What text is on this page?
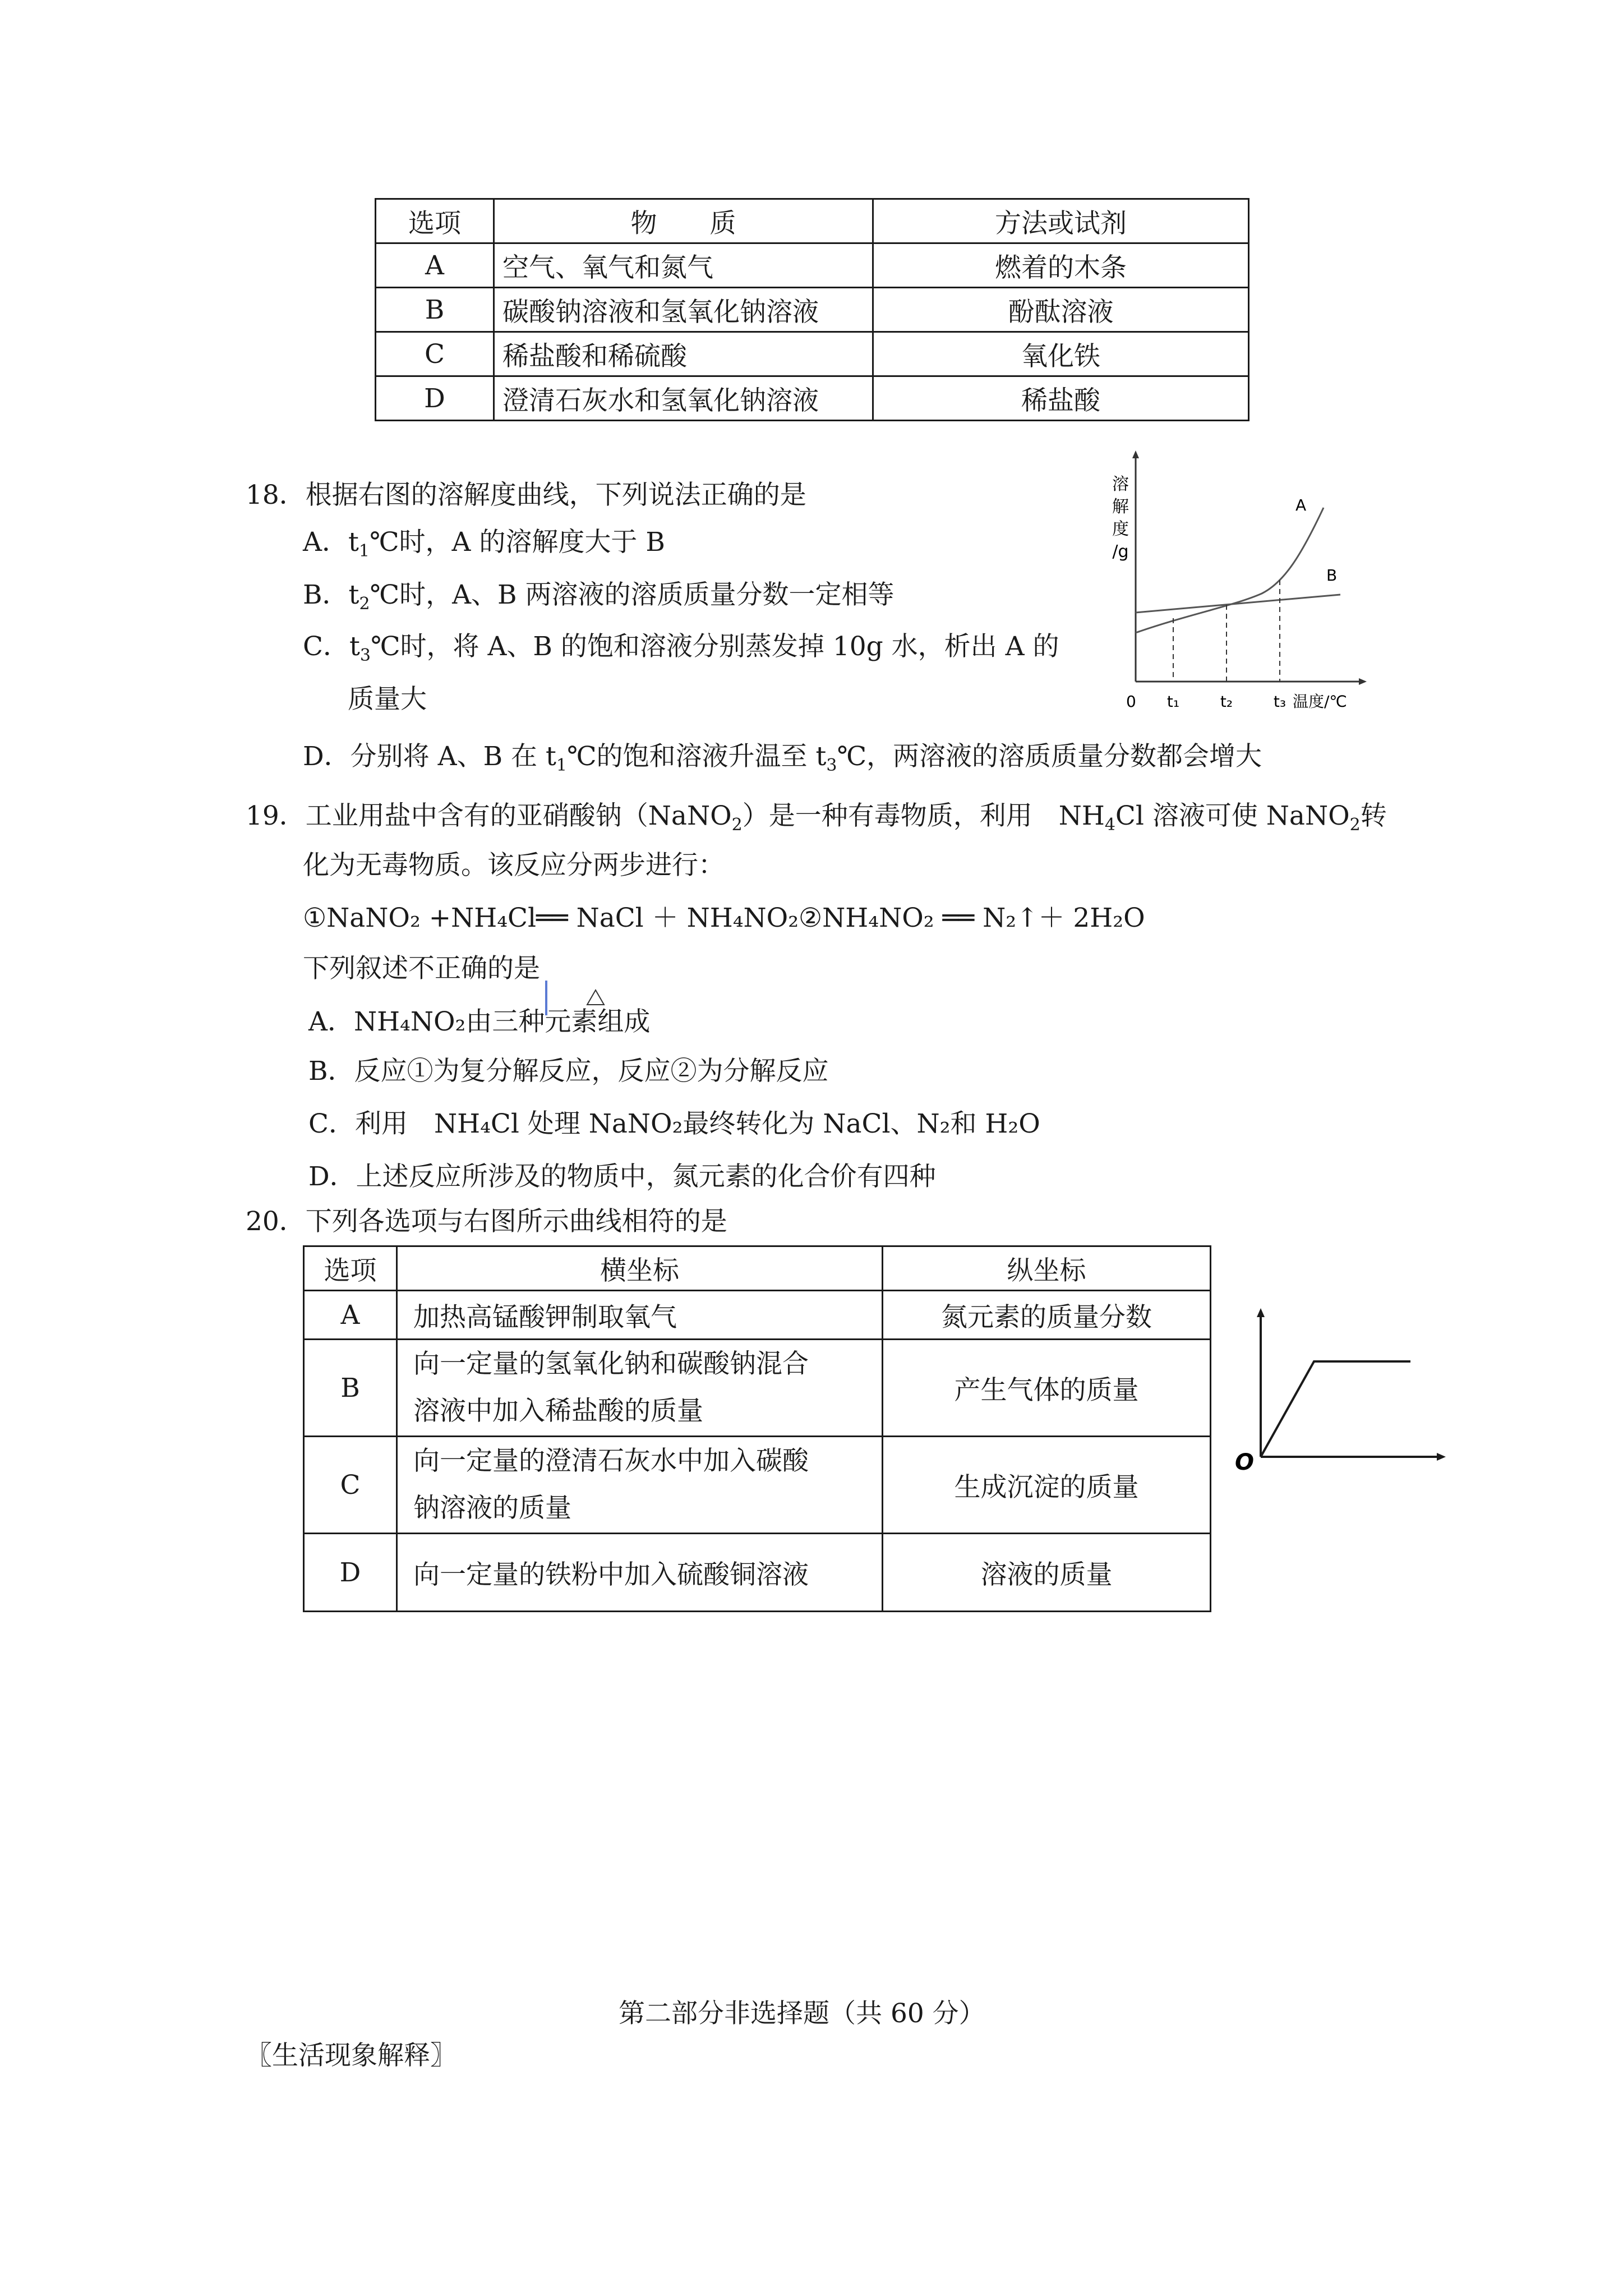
选项	物　　质	方法或试剂
A	空气、氧气和氮气	燃着的木条
B	碳酸钠溶液和氢氧化钠溶液	酚酞溶液
C	稀盐酸和稀硫酸	氧化铁
D	澄清石灰水和氢氧化钠溶液	稀盐酸
18．根据右图的溶解度曲线，下列说法正确的是
A．$t_1℃$时，A 的溶解度大于 B
B．$t_2℃$时，A、B 两溶液的溶质质量分数一定相等
C．$t_3℃$时，将 A、B 的饱和溶液分别蒸发掉 10g 水，析出 A 的
质量大
D．分别将 A、B 在 $t_1℃$的饱和溶液升温至 $t_3℃$，两溶液的溶质质量分数都会增大
溶
解
度
/g
A
B
0 t₁	t₂	t₃ 温度/℃
19．工业用盐中含有的亚硝酸钠（NaNO$_2$）是一种有毒物质，利用　$NH_4Cl$ 溶液可使 NaNO$_2$转
化为无毒物质。该反应分两步进行：
①NaNO₂ +NH₄Cl══ NaCl ＋ NH₄NO₂②NH₄NO₂ ══ N₂↑＋ 2H₂O
下列叙述不正确的是
A．NH₄NO₂由三种元素组成
B．反应①为复分解反应，反应②为分解反应
C．利用　NH₄Cl 处理 NaNO₂最终转化为 NaCl、N₂和 H₂O
D．上述反应所涉及的物质中，氮元素的化合价有四种
20．下列各选项与右图所示曲线相符的是
选项	横坐标	纵坐标
A	加热高锰酸钾制取氧气	氮元素的质量分数
B	向一定量的氢氧化钠和碳酸钠混合
溶液中加入稀盐酸的质量	产生气体的质量
C	向一定量的澄清石灰水中加入碳酸
钠溶液的质量	生成沉淀的质量
D	向一定量的铁粉中加入硫酸铜溶液	溶液的质量
O
第二部分非选择题（共 60 分）
〖生活现象解释〗
